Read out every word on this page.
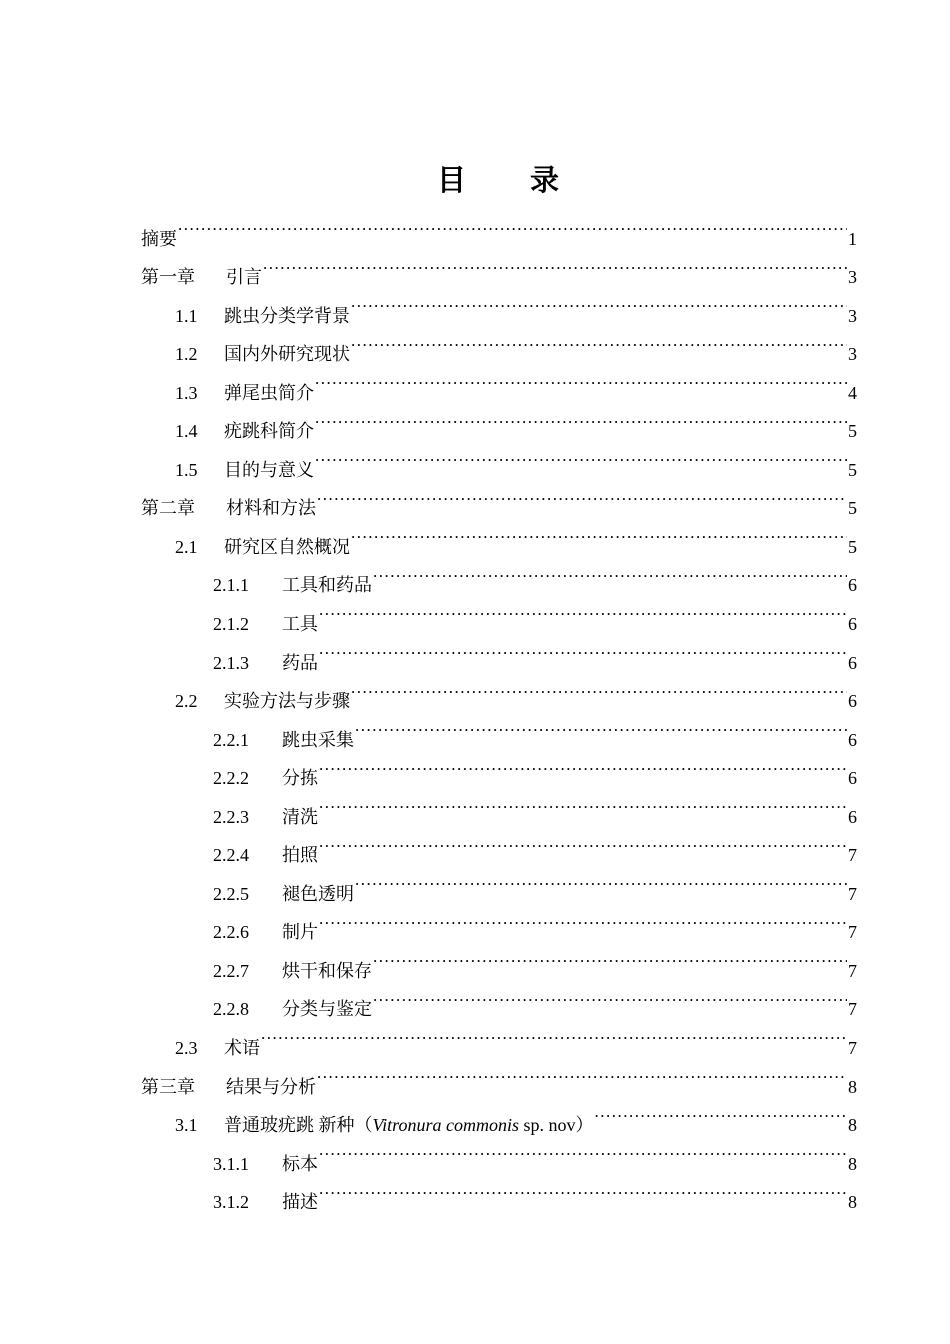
目　　录
摘要 .....	1
第一章	引言 .....	3
1.1	跳虫分类学背景 .....	3
1.2	国内外研究现状 .....	3
1.3	弹尾虫简介 .....	4
1.4	疣跳科简介 .....	5
1.5	目的与意义 .....	5
第二章	材料和方法 .....	5
2.1	研究区自然概况 .....	5
2.1.1	工具和药品 .....	6
2.1.2	工具 .....	6
2.1.3	药品 .....	6
2.2	实验方法与步骤 .....	6
2.2.1	跳虫采集 .....	6
2.2.2	分拣 .....	6
2.2.3	清洗 .....	6
2.2.4	拍照 .....	7
2.2.5	褪色透明 .....	7
2.2.6	制片 .....	7
2.2.7	烘干和保存 .....	7
2.2.8	分类与鉴定 .....	7
2.3	术语 .....	7
第三章	结果与分析 .....	8
3.1	普通玻疣跳 新种（Vitronura commonis sp. nov） .....	8
3.1.1	标本 .....	8
3.1.2	描述 .....	8
